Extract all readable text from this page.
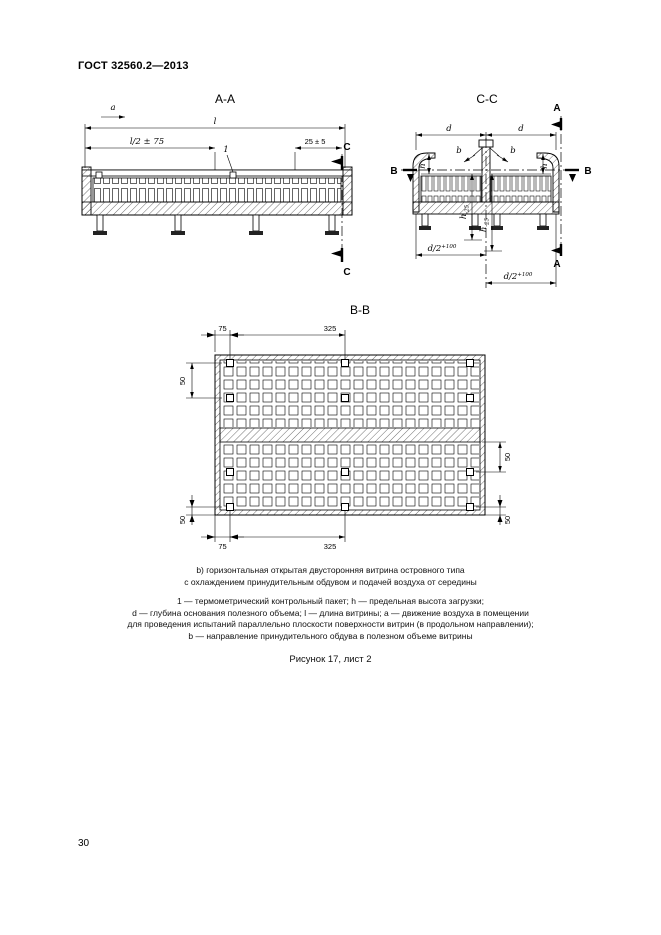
ГОСТ 32560.2—2013
А-А
a
l
l/2 ± 75	25 ± 5
С
С
1
С-С
d	d
А
А
В	В
b	b
h	h
$h_{-25}$
$h_{-25}$
$d/2^{+100}$
$d/2^{+100}$
В-В
75	325
75	325
50
50
50
50
b) горизонтальная открытая двусторонняя витрина островного типа
с охлаждением принудительным обдувом и подачей воздуха от середины
1 — термометрический контрольный пакет; h — предельная высота загрузки;
d — глубина основания полезного объема; l — длина витрины; a — движение воздуха в помещении
для проведения испытаний параллельно плоскости поверхности витрин (в продольном направлении);
b — направление принудительного обдува в полезном объеме витрины
Рисунок 17, лист 2
30
